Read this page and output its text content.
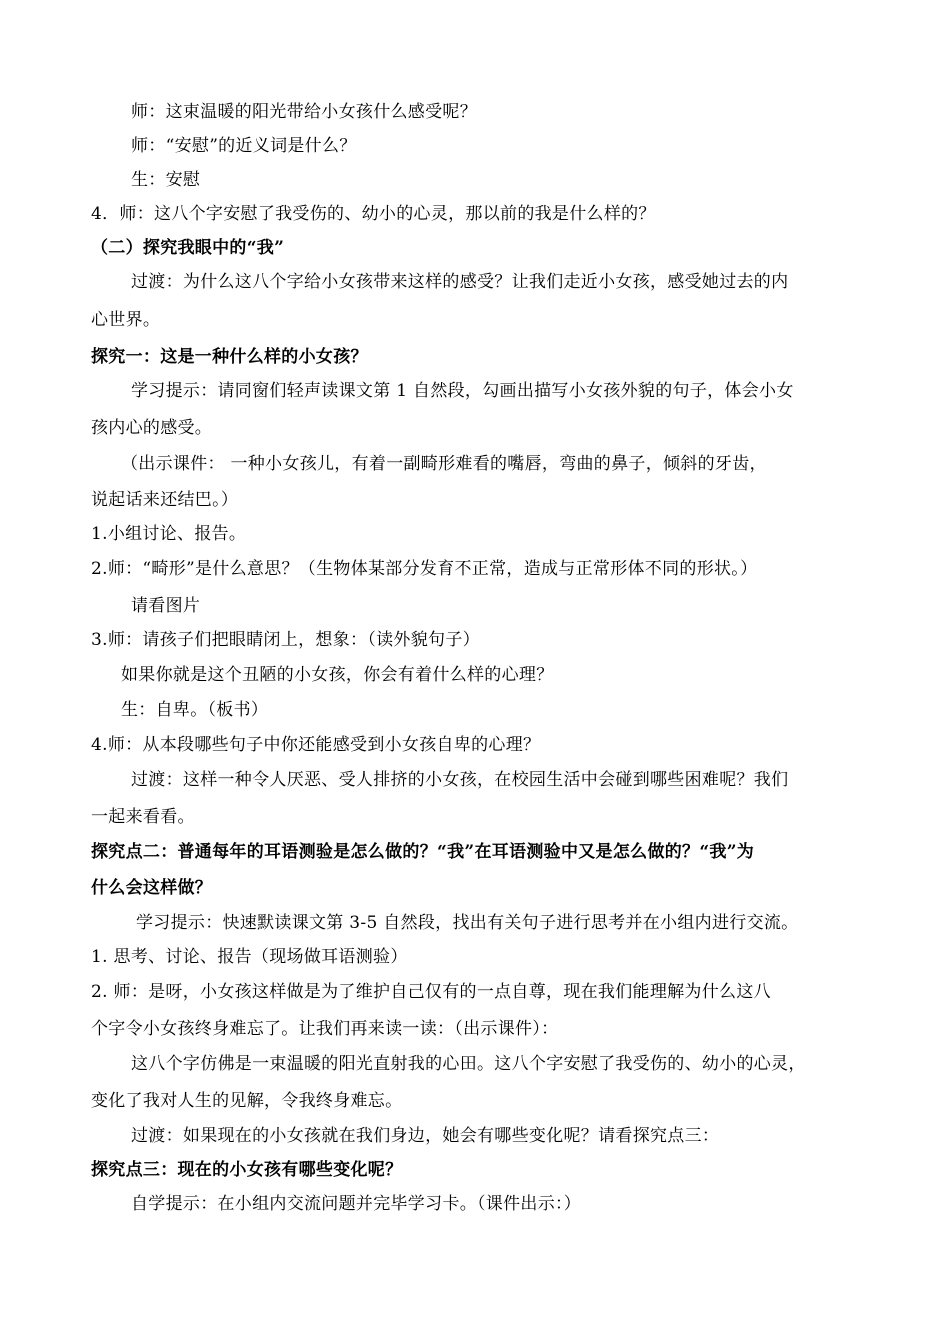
师：这束温暖的阳光带给小女孩什么感受呢？
师：“安慰”的近义词是什么？
生：安慰
4．师：这八个字安慰了我受伤的、幼小的心灵，那以前的我是什么样的？
（二）探究我眼中的“我”
过渡：为什么这八个字给小女孩带来这样的感受？让我们走近小女孩，感受她过去的内
心世界。
探究一：这是一种什么样的小女孩？
学习提示：请同窗们轻声读课文第 1 自然段，勾画出描写小女孩外貌的句子，体会小女
孩内心的感受。
（出示课件： 一种小女孩儿，有着一副畸形难看的嘴唇，弯曲的鼻子，倾斜的牙齿，
说起话来还结巴。）
1.小组讨论、报告。
2.师：“畸形”是什么意思？（生物体某部分发育不正常，造成与正常形体不同的形状。）
请看图片
3.师：请孩子们把眼睛闭上，想象：（读外貌句子）
如果你就是这个丑陋的小女孩，你会有着什么样的心理？
生：自卑。（板书）
4.师：从本段哪些句子中你还能感受到小女孩自卑的心理？
过渡：这样一种令人厌恶、受人排挤的小女孩，在校园生活中会碰到哪些困难呢？我们
一起来看看。
探究点二：普通每年的耳语测验是怎么做的？“我”在耳语测验中又是怎么做的？“我”为
什么会这样做？
学习提示：快速默读课文第 3-5 自然段，找出有关句子进行思考并在小组内进行交流。
1. 思考、讨论、报告（现场做耳语测验）
2. 师：是呀，小女孩这样做是为了维护自己仅有的一点自尊，现在我们能理解为什么这八
个字令小女孩终身难忘了。让我们再来读一读：（出示课件）：
这八个字仿佛是一束温暖的阳光直射我的心田。这八个字安慰了我受伤的、幼小的心灵，
变化了我对人生的见解，令我终身难忘。
过渡：如果现在的小女孩就在我们身边，她会有哪些变化呢？请看探究点三：
探究点三：现在的小女孩有哪些变化呢？
自学提示：在小组内交流问题并完毕学习卡。（课件出示：）
